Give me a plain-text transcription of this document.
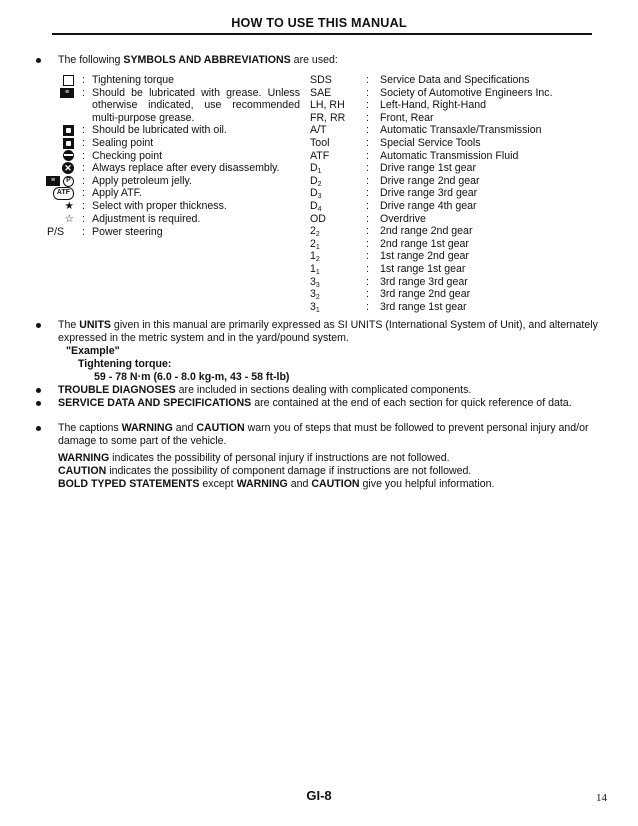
HOW TO USE THIS MANUAL
The following SYMBOLS AND ABBREVIATIONS are used:
: Tightening torque
≡	: Should be lubricated with grease. Unless otherwise indicated, use recommended multi-purpose grease.
: Should be lubricated with oil.
: Sealing point
: Checking point
✕ : Always replace after every disassembly.
≡	P : Apply petroleum jelly.
ATF	: Apply ATF.
★ : Select with proper thickness.
☆ : Adjustment is required.
P/S : Power steering
SDS	:	Service Data and Specifications
SAE	:	Society of Automotive Engineers Inc.
LH, RH	:	Left-Hand, Right-Hand
FR, RR	:	Front, Rear
A/T	:	Automatic Transaxle/Transmission
Tool	:	Special Service Tools
ATF	:	Automatic Transmission Fluid
$D_1$	:	Drive range 1st gear
$D_2$	:	Drive range 2nd gear
$D_3$	:	Drive range 3rd gear
$D_4$	:	Drive range 4th gear
OD	:	Overdrive
$2_2$	:	2nd range 2nd gear
$2_1$	:	2nd range 1st gear
$1_2$	:	1st range 2nd gear
$1_1$	:	1st range 1st gear
$3_3$	:	3rd range 3rd gear
$3_2$	:	3rd range 2nd gear
$3_1$	:	3rd range 1st gear
The UNITS given in this manual are primarily expressed as SI UNITS (International System of Unit), and alternately expressed in the metric system and in the yard/pound system.
"Example"
Tightening torque:
59 - 78 N·m (6.0 - 8.0 kg-m, 43 - 58 ft-lb)
TROUBLE DIAGNOSES are included in sections dealing with complicated components.
SERVICE DATA AND SPECIFICATIONS are contained at the end of each section for quick reference of data.
The captions WARNING and CAUTION warn you of steps that must be followed to prevent personal injury and/or damage to some part of the vehicle.
WARNING indicates the possibility of personal injury if instructions are not followed.
CAUTION indicates the possibility of component damage if instructions are not followed.
BOLD TYPED STATEMENTS except WARNING and CAUTION give you helpful information.
GI-8	14
